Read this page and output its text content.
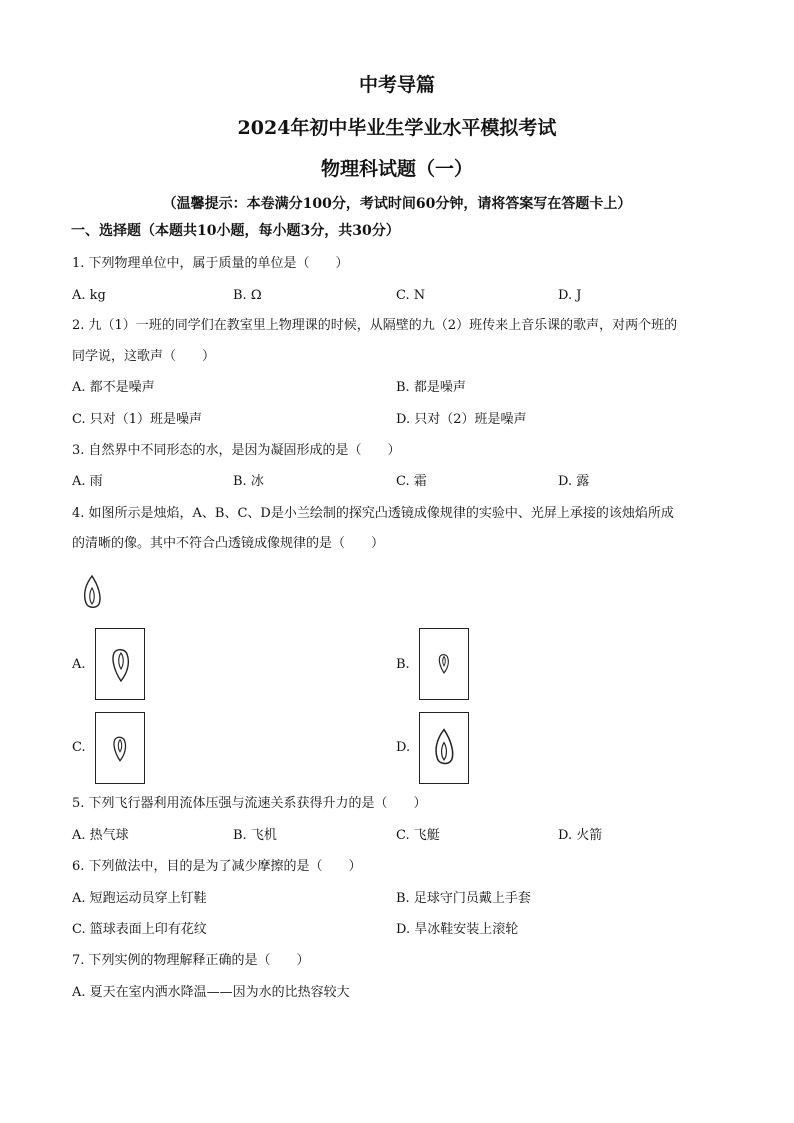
中考导篇
2024年初中毕业生学业水平模拟考试
物理科试题（一）
（温馨提示：本卷满分100分，考试时间60分钟，请将答案写在答题卡上）
一、选择题（本题共10小题，每小题3分，共30分）
1. 下列物理单位中，属于质量的单位是（　　）
A. kg	B. Ω	C. N	D. J
2. 九（1）一班的同学们在教室里上物理课的时候，从隔壁的九（2）班传来上音乐课的歌声，对两个班的
同学说，这歌声（　　）
A. 都不是噪声	B. 都是噪声
C. 只对（1）班是噪声	D. 只对（2）班是噪声
3. 自然界中不同形态的水，是因为凝固形成的是（　　）
A. 雨	B. 冰	C. 霜	D. 露
4. 如图所示是烛焰，A、B、C、D是小兰绘制的探究凸透镜成像规律的实验中、光屏上承接的该烛焰所成
的清晰的像。其中不符合凸透镜成像规律的是（　　）
A.	B.
C.	D.
5. 下列飞行器利用流体压强与流速关系获得升力的是（　　）
A. 热气球	B. 飞机	C. 飞艇	D. 火箭
6. 下列做法中，目的是为了减少摩擦的是（　　）
A. 短跑运动员穿上钉鞋	B. 足球守门员戴上手套
C. 篮球表面上印有花纹	D. 旱冰鞋安装上滚轮
7. 下列实例的物理解释正确的是（　　）
A. 夏天在室内洒水降温——因为水的比热容较大
